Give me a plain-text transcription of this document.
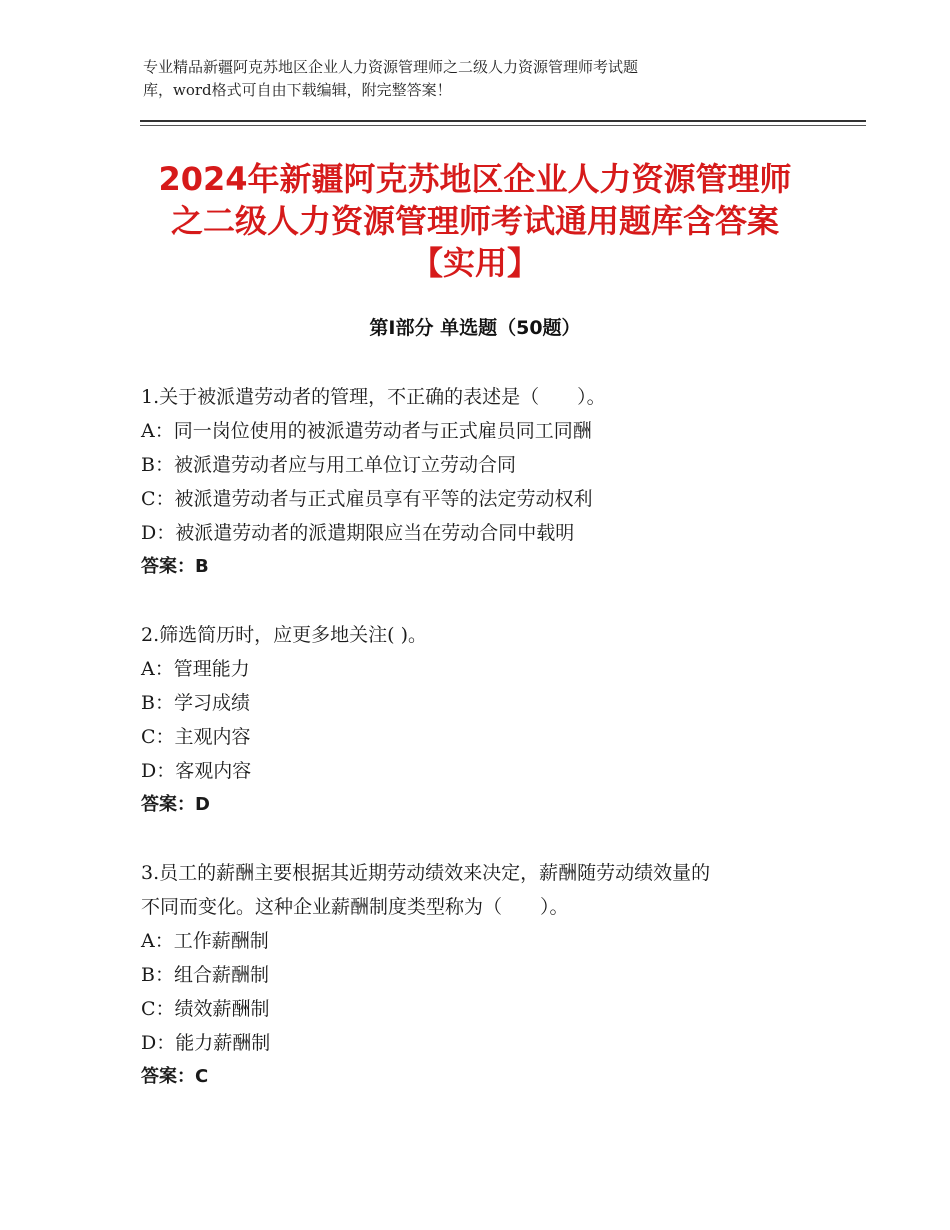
专业精品新疆阿克苏地区企业人力资源管理师之二级人力资源管理师考试题
库，word格式可自由下载编辑，附完整答案！
2024年新疆阿克苏地区企业人力资源管理师
之二级人力资源管理师考试通用题库含答案
【实用】
第Ⅰ部分 单选题（50题）

1.关于被派遣劳动者的管理，不正确的表述是（　　）。

A：同一岗位使用的被派遣劳动者与正式雇员同工同酬

B：被派遣劳动者应与用工单位订立劳动合同

C：被派遣劳动者与正式雇员享有平等的法定劳动权利

D：被派遣劳动者的派遣期限应当在劳动合同中载明

答案：B

2.筛选简历时，应更多地关注( )。

A：管理能力

B：学习成绩

C：主观内容

D：客观内容

答案：D

3.员工的薪酬主要根据其近期劳动绩效来决定，薪酬随劳动绩效量的

不同而变化。这种企业薪酬制度类型称为（　　）。

A：工作薪酬制

B：组合薪酬制

C：绩效薪酬制

D：能力薪酬制

答案：C
